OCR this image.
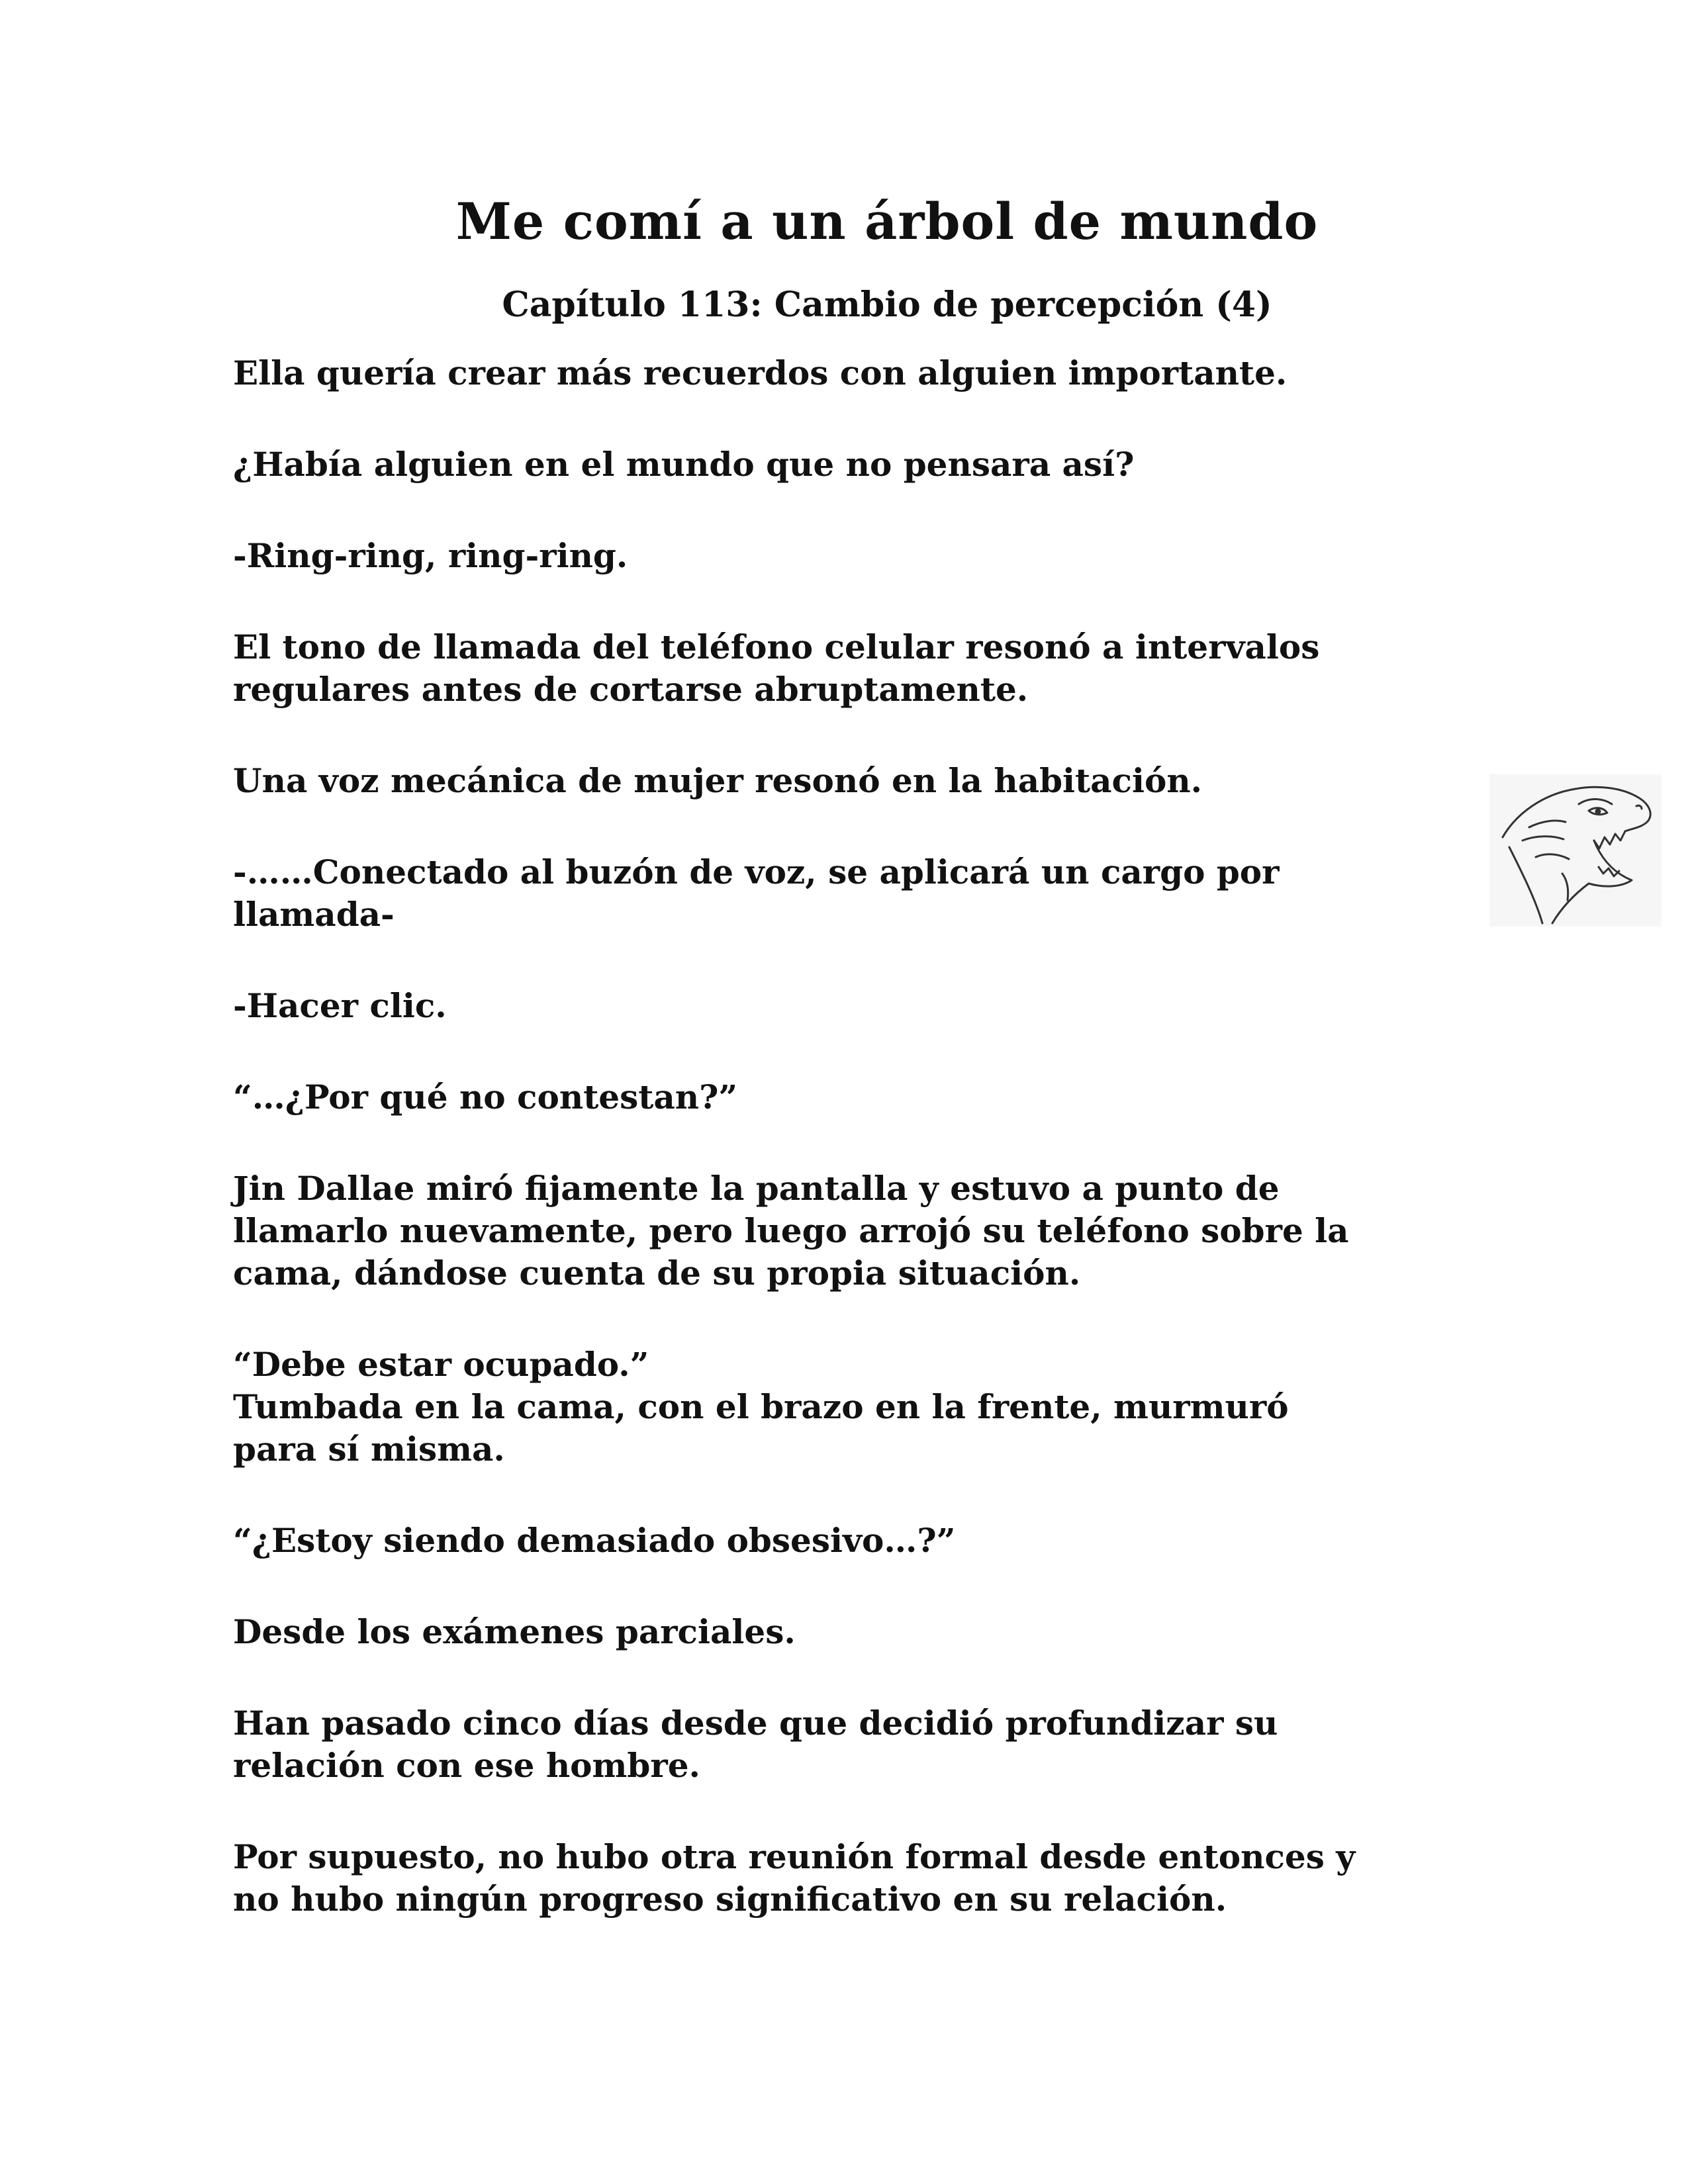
Me comí a un árbol de mundo
Capítulo 113: Cambio de percepción (4)

Ella quería crear más recuerdos con alguien importante.

¿Había alguien en el mundo que no pensara así?

-Ring-ring, ring-ring.

El tono de llamada del teléfono celular resonó a intervalos
regulares antes de cortarse abruptamente.

Una voz mecánica de mujer resonó en la habitación.

-……Conectado al buzón de voz, se aplicará un cargo por
llamada-

-Hacer clic.

“…¿Por qué no contestan?”

Jin Dallae miró fijamente la pantalla y estuvo a punto de
llamarlo nuevamente, pero luego arrojó su teléfono sobre la
cama, dándose cuenta de su propia situación.

“Debe estar ocupado.”
Tumbada en la cama, con el brazo en la frente, murmuró
para sí misma.

“¿Estoy siendo demasiado obsesivo…?”

Desde los exámenes parciales.

Han pasado cinco días desde que decidió profundizar su
relación con ese hombre.

Por supuesto, no hubo otra reunión formal desde entonces y
no hubo ningún progreso significativo en su relación.
